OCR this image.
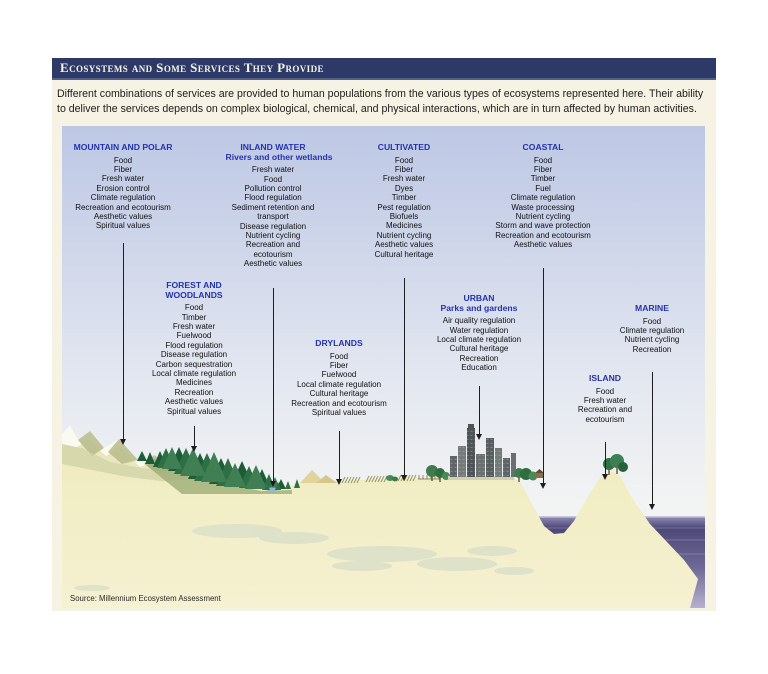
Ecosystems and Some Services They Provide
Different combinations of services are provided to human populations from the various types of ecosystems represented here. Their ability to deliver the services depends on complex biological, chemical, and physical interactions, which are in turn affected by human activities.
MOUNTAIN AND POLAR
Food
Fiber
Fresh water
Erosion control
Climate regulation
Recreation and ecotourism
Aesthetic values
Spiritual values
INLAND WATER
Rivers and other wetlands
Fresh water
Food
Pollution control
Flood regulation
Sediment retention and transport
Disease regulation
Nutrient cycling
Recreation and ecotourism
Aesthetic values
CULTIVATED
Food
Fiber
Fresh water
Dyes
Timber
Pest regulation
Biofuels
Medicines
Nutrient cycling
Aesthetic values
Cultural heritage
COASTAL
Food
Fiber
Timber
Fuel
Climate regulation
Waste processing
Nutrient cycling
Storm and wave protection
Recreation and ecotourism
Aesthetic values
FOREST AND WOODLANDS
Food
Timber
Fresh water
Fuelwood
Flood regulation
Disease regulation
Carbon sequestration
Local climate regulation
Medicines
Recreation
Aesthetic values
Spiritual values
DRYLANDS
Food
Fiber
Fuelwood
Local climate regulation
Cultural heritage
Recreation and ecotourism
Spiritual values
URBAN
Parks and gardens
Air quality regulation
Water regulation
Local climate regulation
Cultural heritage
Recreation
Education
MARINE
Food
Climate regulation
Nutrient cycling
Recreation
ISLAND
Food
Fresh water
Recreation and ecotourism
Source: Millennium Ecosystem Assessment
